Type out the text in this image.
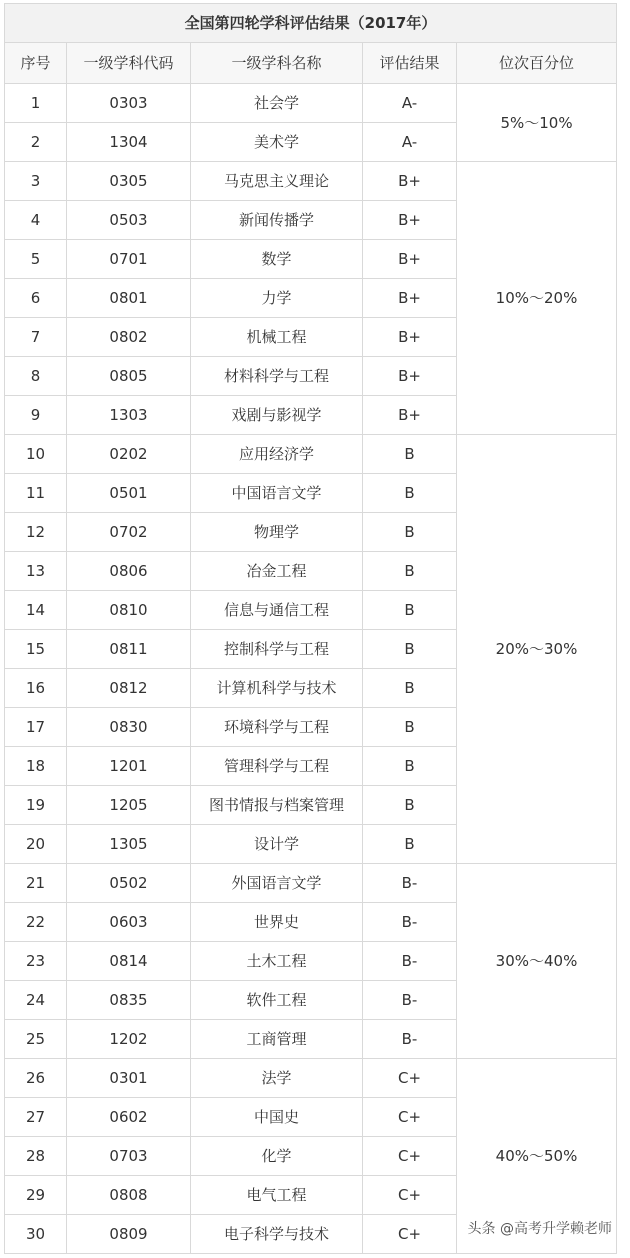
全国第四轮学科评估结果（2017年）				
序号	一级学科代码	一级学科名称	评估结果	位次百分位
1	0303	社会学	A-	5%～10%
2	1304	美术学	A-	
3	0305	马克思主义理论	B+	10%～20%
4	0503	新闻传播学	B+	
5	0701	数学	B+	
6	0801	力学	B+	
7	0802	机械工程	B+	
8	0805	材料科学与工程	B+	
9	1303	戏剧与影视学	B+	
10	0202	应用经济学	B	20%～30%
11	0501	中国语言文学	B	
12	0702	物理学	B	
13	0806	冶金工程	B	
14	0810	信息与通信工程	B	
15	0811	控制科学与工程	B	
16	0812	计算机科学与技术	B	
17	0830	环境科学与工程	B	
18	1201	管理科学与工程	B	
19	1205	图书情报与档案管理	B	
20	1305	设计学	B	
21	0502	外国语言文学	B-	30%～40%
22	0603	世界史	B-	
23	0814	土木工程	B-	
24	0835	软件工程	B-	
25	1202	工商管理	B-	
26	0301	法学	C+	40%～50%
27	0602	中国史	C+	
28	0703	化学	C+	
29	0808	电气工程	C+	
30	0809	电子科学与技术	C+		头条 @高考升学赖老师
